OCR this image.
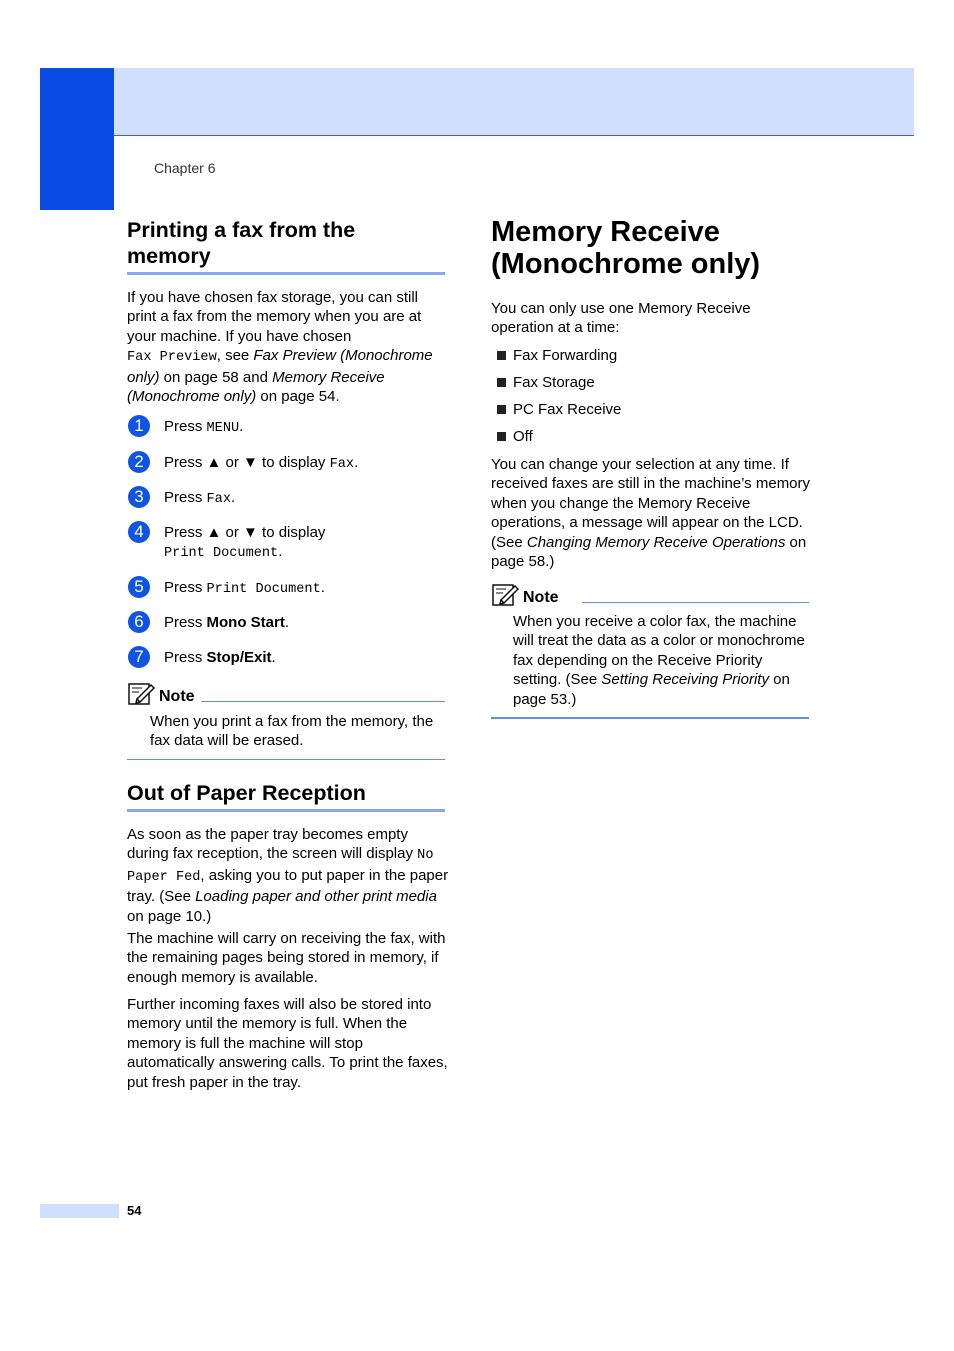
Chapter 6
Printing a fax from the
memory
If you have chosen fax storage, you can still print a fax from the memory when you are at your machine. If you have chosen
Fax Preview, see Fax Preview (Monochrome only) on page 58 and Memory Receive (Monochrome only) on page 54.
1	Press MENU.
2	Press ▲ or ▼ to display Fax.
3	Press Fax.
4	Press ▲ or ▼ to display
Print Document.
5	Press Print Document.
6	Press Mono Start.
7	Press Stop/Exit.
Note
When you print a fax from the memory, the fax data will be erased.
Out of Paper Reception
As soon as the paper tray becomes empty during fax reception, the screen will display No Paper Fed, asking you to put paper in the paper tray. (See Loading paper and other print media on page 10.)
The machine will carry on receiving the fax, with the remaining pages being stored in memory, if enough memory is available.
Further incoming faxes will also be stored into memory until the memory is full. When the memory is full the machine will stop automatically answering calls. To print the faxes, put fresh paper in the tray.
Memory Receive
(Monochrome only)
You can only use one Memory Receive operation at a time:
Fax Forwarding
Fax Storage
PC Fax Receive
Off
You can change your selection at any time. If received faxes are still in the machine’s memory when you change the Memory Receive operations, a message will appear on the LCD. (See Changing Memory Receive Operations on page 58.)
Note
When you receive a color fax, the machine will treat the data as a color or monochrome fax depending on the Receive Priority setting. (See Setting Receiving Priority on page 53.)
54
